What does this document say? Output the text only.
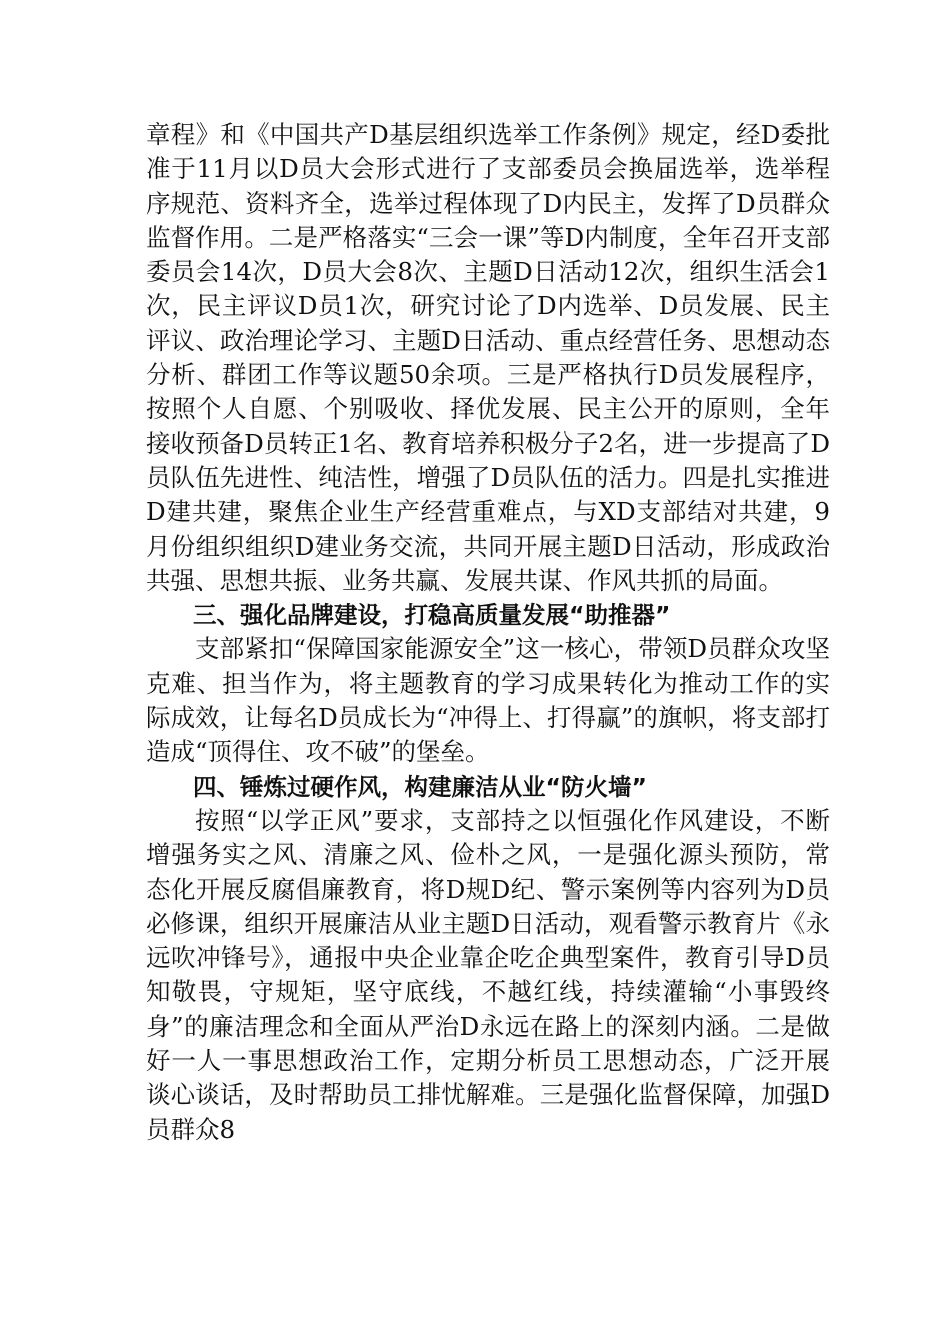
章程》和《中国共产D基层组织选举工作条例》规定，经D委批准于11月以D员大会形式进行了支部委员会换届选举，选举程序规范、资料齐全，选举过程体现了D内民主，发挥了D员群众监督作用。二是严格落实“三会一课”等D内制度，全年召开支部委员会14次，D员大会8次、主题D日活动12次，组织生活会1次，民主评议D员1次，研究讨论了D内选举、D员发展、民主评议、政治理论学习、主题D日活动、重点经营任务、思想动态分析、群团工作等议题50余项。三是严格执行D员发展程序，按照个人自愿、个别吸收、择优发展、民主公开的原则，全年接收预备D员转正1名、教育培养积极分子2名，进一步提高了D员队伍先进性、纯洁性，增强了D员队伍的活力。四是扎实推进D建共建，聚焦企业生产经营重难点，与XD支部结对共建，9月份组织组织D建业务交流，共同开展主题D日活动，形成政治共强、思想共振、业务共赢、发展共谋、作风共抓的局面。

三、强化品牌建设，打稳高质量发展“助推器”

支部紧扣“保障国家能源安全”这一核心，带领D员群众攻坚克难、担当作为，将主题教育的学习成果转化为推动工作的实际成效，让每名D员成长为“冲得上、打得赢”的旗帜，将支部打造成“顶得住、攻不破”的堡垒。

四、锤炼过硬作风，构建廉洁从业“防火墙”

按照“以学正风”要求，支部持之以恒强化作风建设，不断增强务实之风、清廉之风、俭朴之风，一是强化源头预防，常态化开展反腐倡廉教育，将D规D纪、警示案例等内容列为D员必修课，组织开展廉洁从业主题D日活动，观看警示教育片《永远吹冲锋号》，通报中央企业靠企吃企典型案件，教育引导D员知敬畏，守规矩，坚守底线，不越红线，持续灌输“小事毁终身”的廉洁理念和全面从严治D永远在路上的深刻内涵。二是做好一人一事思想政治工作，定期分析员工思想动态，广泛开展谈心谈话，及时帮助员工排忧解难。三是强化监督保障，加强D员群众8
